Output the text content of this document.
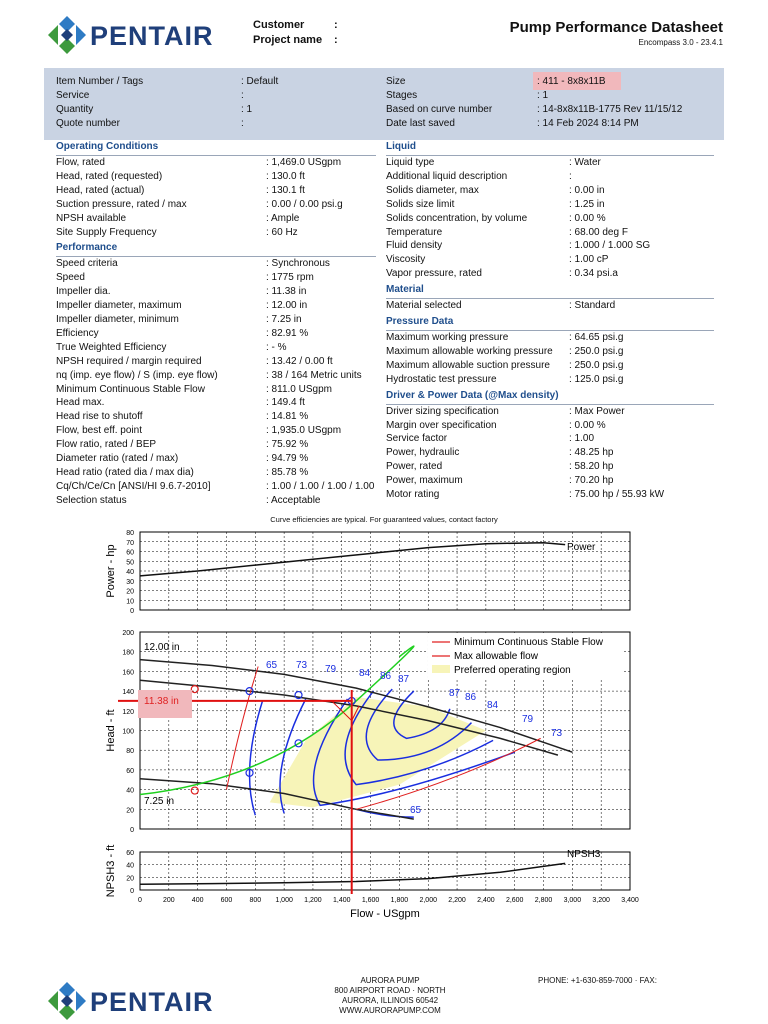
PENTAIR	Customer	:
Project name :
Pump Performance Datasheet
Encompass 3.0 - 23.4.1
Item Number / Tags	: Default
Service	:
Quantity	: 1
Quote number	:
Size	: 411 - 8x8x11B
Stages	: 1
Based on curve number	: 14-8x8x11B-1775 Rev 11/15/12
Date last saved	: 14 Feb 2024 8:14 PM
Operating Conditions
Flow, rated	: 1,469.0 USgpm
Head, rated (requested)	: 130.0 ft
Head, rated (actual)	: 130.1 ft
Suction pressure, rated / max	: 0.00 / 0.00 psi.g
NPSH available	: Ample
Site Supply Frequency	: 60 Hz
Performance
Speed criteria	: Synchronous
Speed	: 1775 rpm
Impeller dia.	: 11.38 in
Impeller diameter, maximum	: 12.00 in
Impeller diameter, minimum	: 7.25 in
Efficiency	: 82.91 %
True Weighted Efficiency	: - %
NPSH required / margin required	: 13.42 / 0.00 ft
nq (imp. eye flow) / S (imp. eye flow)	: 38 / 164 Metric units
Minimum Continuous Stable Flow	: 811.0 USgpm
Head max.	: 149.4 ft
Head rise to shutoff	: 14.81 %
Flow, best eff. point	: 1,935.0 USgpm
Flow ratio, rated / BEP	: 75.92 %
Diameter ratio (rated / max)	: 94.79 %
Head ratio (rated dia / max dia)	: 85.78 %
Cq/Ch/Ce/Cn [ANSI/HI 9.6.7-2010]	: 1.00 / 1.00 / 1.00 / 1.00
Selection status	: Acceptable
Liquid
Liquid type	: Water
Additional liquid description	:
Solids diameter, max	: 0.00 in
Solids size limit	: 1.25 in
Solids concentration, by volume	: 0.00 %
Temperature	: 68.00 deg F
Fluid density	: 1.000 / 1.000 SG
Viscosity	: 1.00 cP
Vapor pressure, rated	: 0.34 psi.a
Material
Material selected	: Standard
Pressure Data
Maximum working pressure	: 64.65 psi.g
Maximum allowable working pressure : 250.0 psi.g
Maximum allowable suction pressure : 250.0 psi.g
Hydrostatic test pressure	: 125.0 psi.g
Driver & Power Data (@Max density)
Driver sizing specification	: Max Power
Margin over specification	: 0.00 %
Service factor	: 1.00
Power, hydraulic	: 48.25 hp
Power, rated	: 58.20 hp
Power, maximum	: 70.20 hp
Motor rating	: 75.00 hp / 55.93 kW
Curve efficiencies are typical. For guaranteed values, contact factory
0
10
20
30
40
50
60
70
80
Power - hp	Power
0
20
40
60
80
100
120
140
160
180
200
Head - ft
12.00 in
11.38 in
7.25 in
65 73 79 84 86 87
87 86
84
79
73
65
Minimum Continuous Stable Flow
Max allowable flow
Preferred operating region
0
20
40
60
NPSH3 - ft	NPSH3
0	200 400 600 800 1,000 1,200 1,400 1,600 1,800 2,000 2,200 2,400 2,600 2,800 3,000 3,200 3,400
Flow - USgpm
PENTAIR
AURORA PUMP
800 AIRPORT ROAD · NORTH
AURORA, ILLINOIS 60542
WWW.AURORAPUMP.COM
PHONE: +1-630-859-7000 · FAX:
